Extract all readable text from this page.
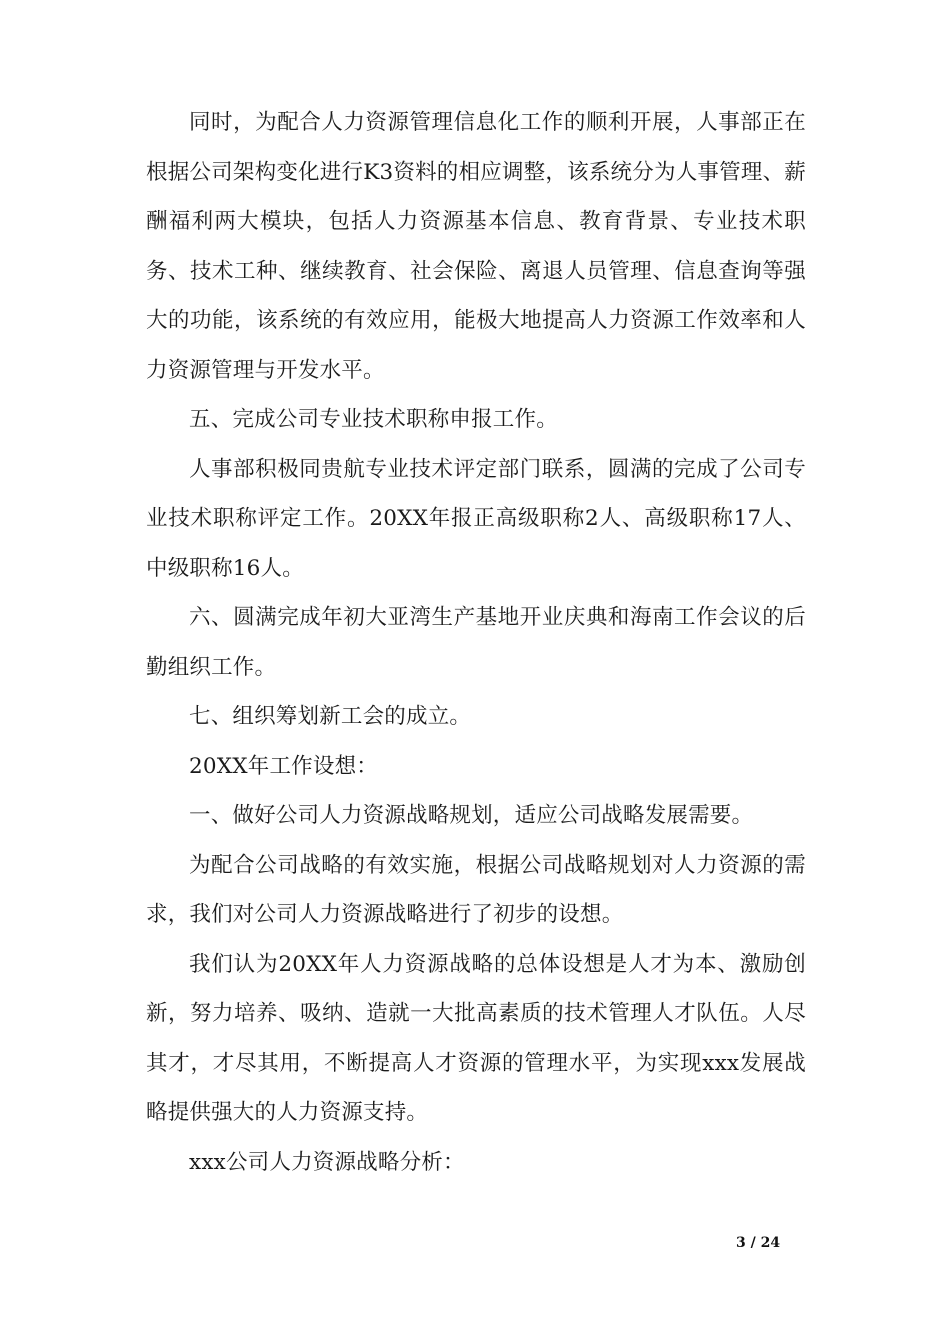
同时，为配合人力资源管理信息化工作的顺利开展，人事部正在根据公司架构变化进行K3资料的相应调整，该系统分为人事管理、薪酬福利两大模块，包括人力资源基本信息、教育背景、专业技术职务、技术工种、继续教育、社会保险、离退人员管理、信息查询等强大的功能，该系统的有效应用，能极大地提高人力资源工作效率和人力资源管理与开发水平。

五、完成公司专业技术职称申报工作。

人事部积极同贵航专业技术评定部门联系，圆满的完成了公司专业技术职称评定工作。20XX年报正高级职称2人、高级职称17人、中级职称16人。

六、圆满完成年初大亚湾生产基地开业庆典和海南工作会议的后勤组织工作。

七、组织筹划新工会的成立。

20XX年工作设想：

一、做好公司人力资源战略规划，适应公司战略发展需要。

为配合公司战略的有效实施，根据公司战略规划对人力资源的需求，我们对公司人力资源战略进行了初步的设想。

我们认为20XX年人力资源战略的总体设想是人才为本、激励创新，努力培养、吸纳、造就一大批高素质的技术管理人才队伍。人尽其才，才尽其用，不断提高人才资源的管理水平，为实现xxx发展战略提供强大的人力资源支持。

xxx公司人力资源战略分析：

3 / 24
